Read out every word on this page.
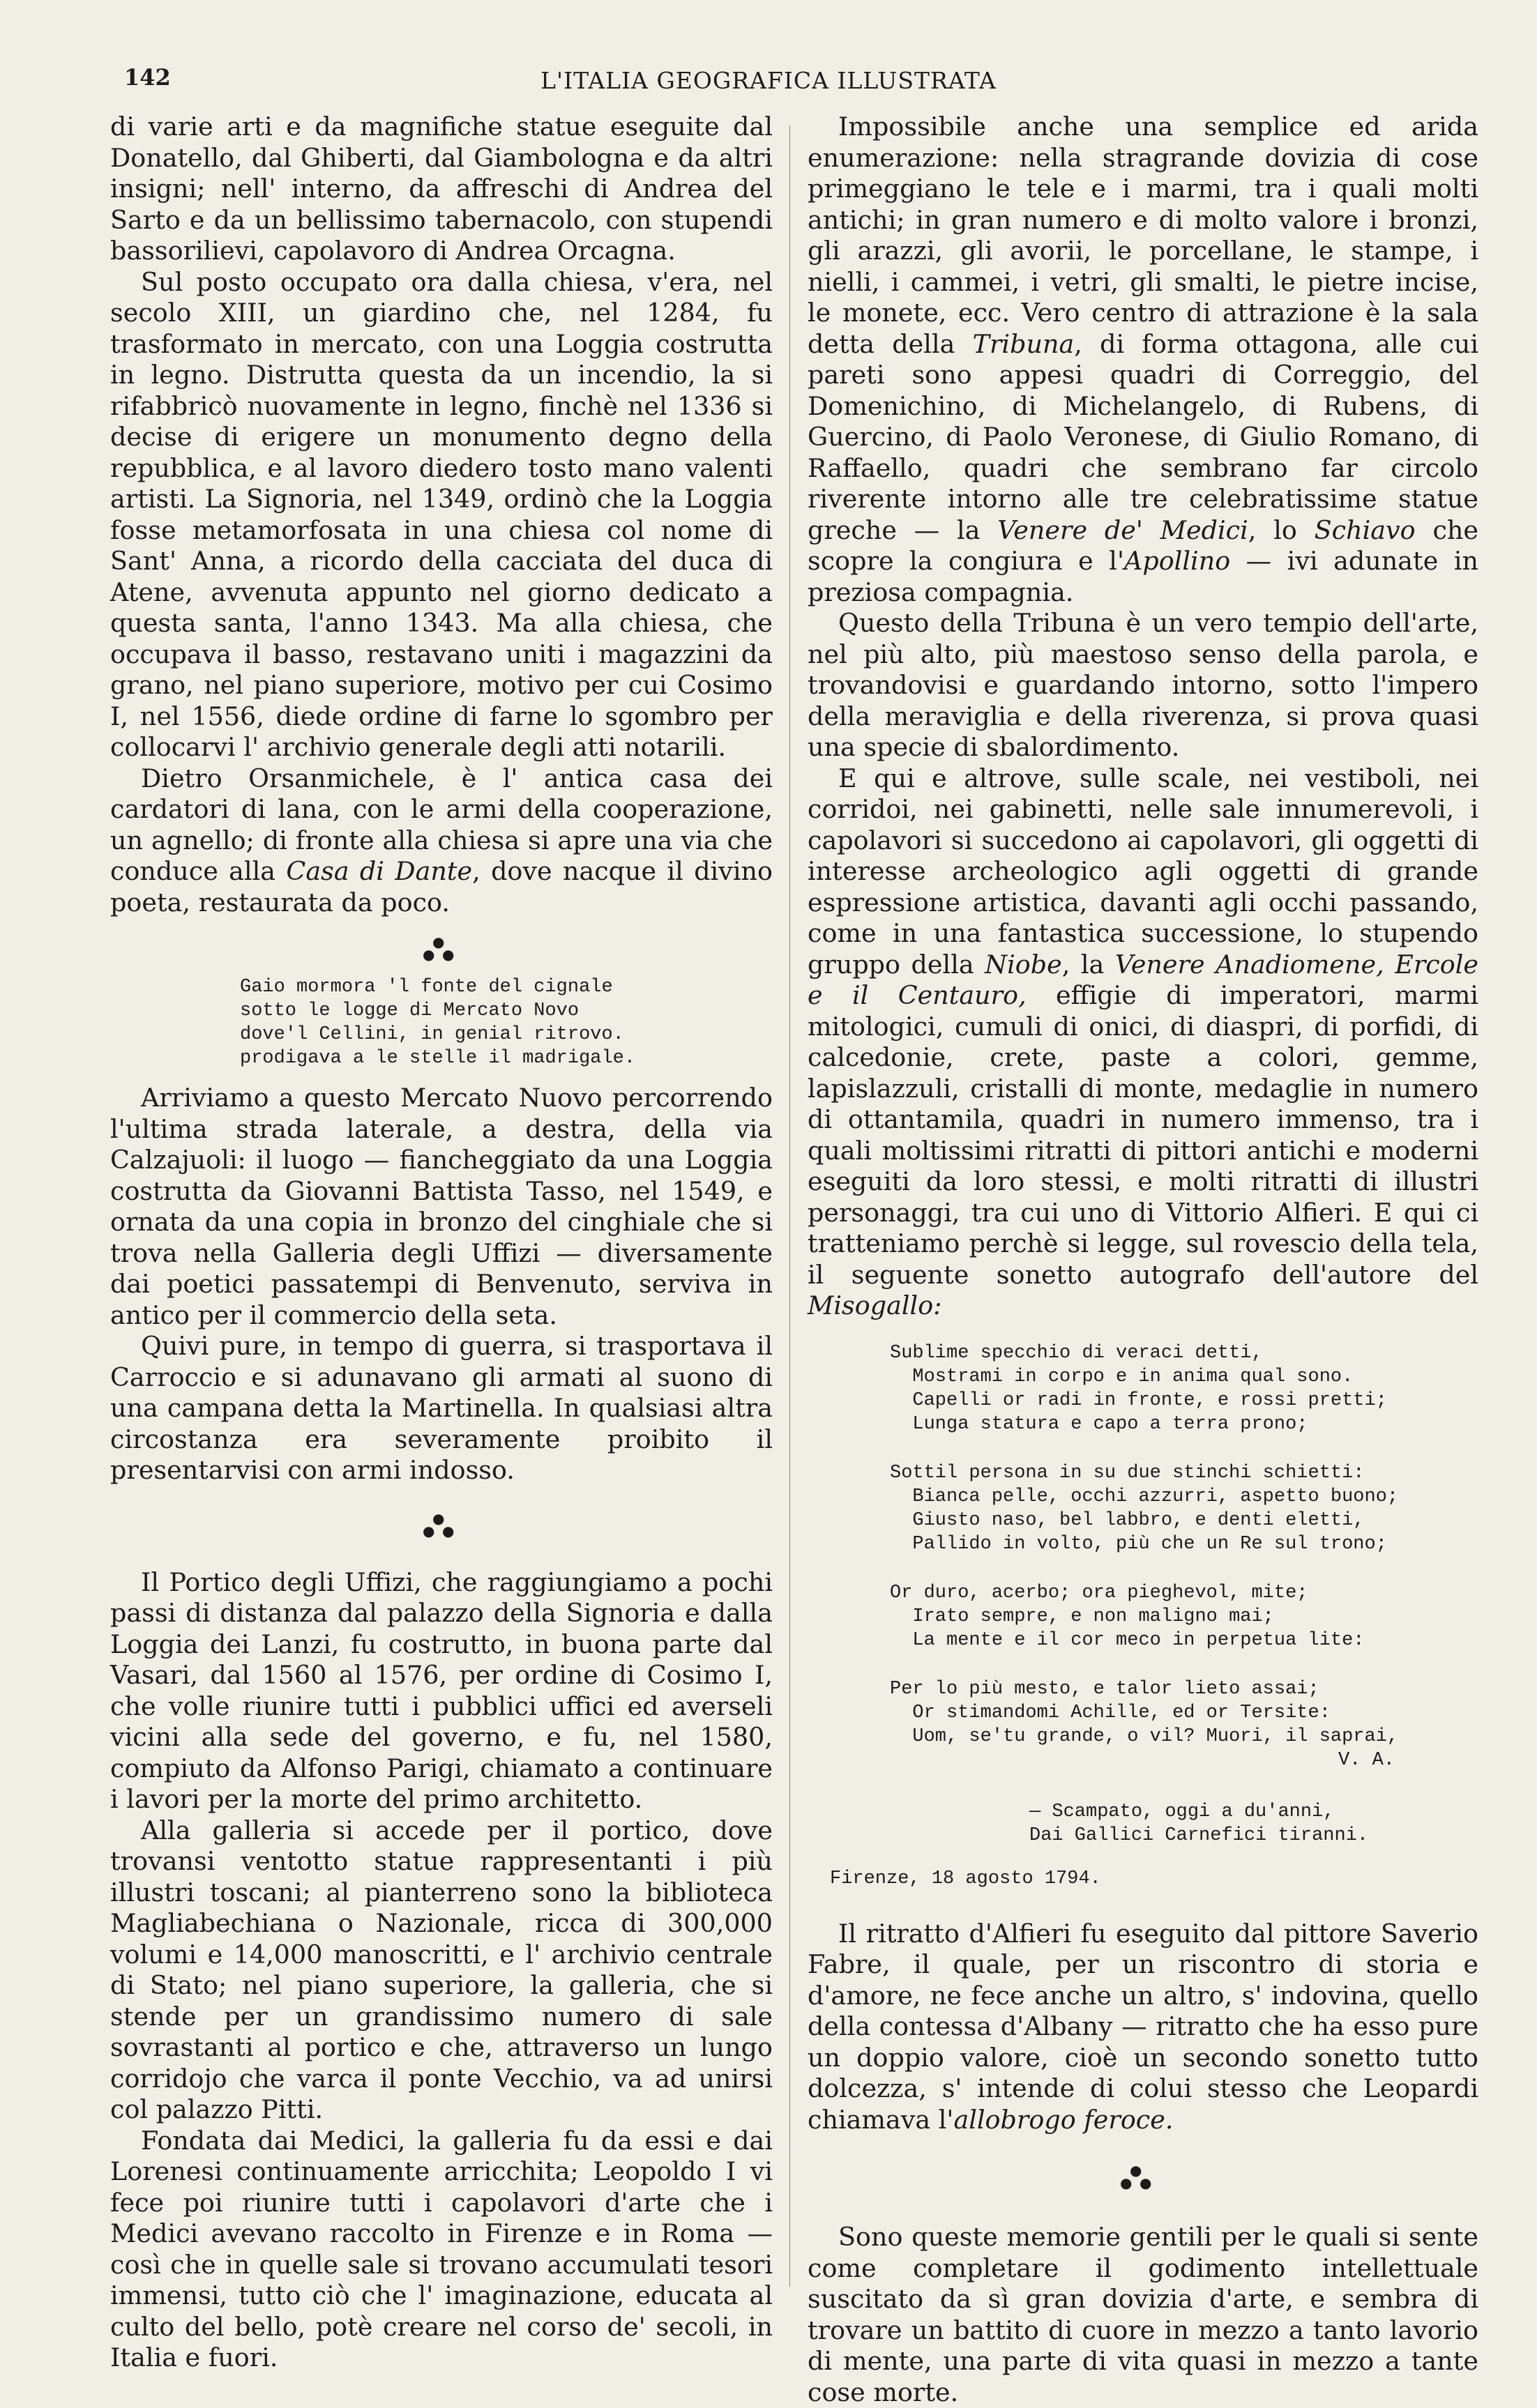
142	L'ITALIA GEOGRAFICA ILLUSTRATA

di varie arti e da magnifiche statue eseguite dal Donatello, dal Ghiberti, dal Giambologna e da altri insigni; nell' interno, da affreschi di Andrea del Sarto e da un bellissimo tabernacolo, con stupendi bassorilievi, capolavoro di Andrea Orcagna.

Sul posto occupato ora dalla chiesa, v'era, nel secolo XIII, un giardino che, nel 1284, fu trasformato in mercato, con una Loggia costrutta in legno. Distrutta questa da un incendio, la si rifabbricò nuovamente in legno, finchè nel 1336 si decise di erigere un monumento degno della repubblica, e al lavoro diedero tosto mano valenti artisti. La Signoria, nel 1349, ordinò che la Loggia fosse metamorfosata in una chiesa col nome di Sant' Anna, a ricordo della cacciata del duca di Atene, avvenuta appunto nel giorno dedicato a questa santa, l'anno 1343. Ma alla chiesa, che occupava il basso, restavano uniti i magazzini da grano, nel piano superiore, motivo per cui Cosimo I, nel 1556, diede ordine di farne lo sgombro per collocarvi l' archivio generale degli atti notarili.

Dietro Orsanmichele, è l' antica casa dei cardatori di lana, con le armi della cooperazione, un agnello; di fronte alla chiesa si apre una via che conduce alla Casa di Dante, dove nacque il divino poeta, restaurata da poco.

●
● ●
Gaio mormora 'l fonte del cignale
sotto le logge di Mercato Novo
dove'l Cellini, in genial ritrovo.
prodigava a le stelle il madrigale.

Arriviamo a questo Mercato Nuovo percorrendo l'ultima strada laterale, a destra, della via Calzajuoli: il luogo — fiancheggiato da una Loggia costrutta da Giovanni Battista Tasso, nel 1549, e ornata da una copia in bronzo del cinghiale che si trova nella Galleria degli Uffizi — diversamente dai poetici passatempi di Benvenuto, serviva in antico per il commercio della seta.

Quivi pure, in tempo di guerra, si trasportava il Carroccio e si adunavano gli armati al suono di una campana detta la Martinella. In qualsiasi altra circostanza era severamente proibito il presentarvisi con armi indosso.

●
● ●

Il Portico degli Uffizi, che raggiungiamo a pochi passi di distanza dal palazzo della Signoria e dalla Loggia dei Lanzi, fu costrutto, in buona parte dal Vasari, dal 1560 al 1576, per ordine di Cosimo I, che volle riunire tutti i pubblici uffici ed averseli vicini alla sede del governo, e fu, nel 1580, compiuto da Alfonso Parigi, chiamato a continuare i lavori per la morte del primo architetto.

Alla galleria si accede per il portico, dove trovansi ventotto statue rappresentanti i più illustri toscani; al pianterreno sono la biblioteca Magliabechiana o Nazionale, ricca di 300,000 volumi e 14,000 manoscritti, e l' archivio centrale di Stato; nel piano superiore, la galleria, che si stende per un grandissimo numero di sale sovrastanti al portico e che, attraverso un lungo corridojo che varca il ponte Vecchio, va ad unirsi col palazzo Pitti.

Fondata dai Medici, la galleria fu da essi e dai Lorenesi continuamente arricchita; Leopoldo I vi fece poi riunire tutti i capolavori d'arte che i Medici avevano raccolto in Firenze e in Roma — così che in quelle sale si trovano accumulati tesori immensi, tutto ciò che l' imaginazione, educata al culto del bello, potè creare nel corso de' secoli, in Italia e fuori.

Impossibile anche una semplice ed arida enumerazione: nella stragrande dovizia di cose primeggiano le tele e i marmi, tra i quali molti antichi; in gran numero e di molto valore i bronzi, gli arazzi, gli avorii, le porcellane, le stampe, i nielli, i cammei, i vetri, gli smalti, le pietre incise, le monete, ecc. Vero centro di attrazione è la sala detta della Tribuna, di forma ottagona, alle cui pareti sono appesi quadri di Correggio, del Domenichino, di Michelangelo, di Rubens, di Guercino, di Paolo Veronese, di Giulio Romano, di Raffaello, quadri che sembrano far circolo riverente intorno alle tre celebratissime statue greche — la Venere de' Medici, lo Schiavo che scopre la congiura e l'Apollino — ivi adunate in preziosa compagnia.

Questo della Tribuna è un vero tempio dell'arte, nel più alto, più maestoso senso della parola, e trovandovisi e guardando intorno, sotto l'impero della meraviglia e della riverenza, si prova quasi una specie di sbalordimento.

E qui e altrove, sulle scale, nei vestiboli, nei corridoi, nei gabinetti, nelle sale innumerevoli, i capolavori si succedono ai capolavori, gli oggetti di interesse archeologico agli oggetti di grande espressione artistica, davanti agli occhi passando, come in una fantastica successione, lo stupendo gruppo della Niobe, la Venere Anadiomene, Ercole e il Centauro, effigie di imperatori, marmi mitologici, cumuli di onici, di diaspri, di porfidi, di calcedonie, crete, paste a colori, gemme, lapislazzuli, cristalli di monte, medaglie in numero di ottantamila, quadri in numero immenso, tra i quali moltissimi ritratti di pittori antichi e moderni eseguiti da loro stessi, e molti ritratti di illustri personaggi, tra cui uno di Vittorio Alfieri. E qui ci tratteniamo perchè si legge, sul rovescio della tela, il seguente sonetto autografo dell'autore del Misogallo:

Sublime specchio di veraci detti,
Mostrami in corpo e in anima qual sono.
Capelli or radi in fronte, e rossi pretti;
Lunga statura e capo a terra prono;
Sottil persona in su due stinchi schietti:
Bianca pelle, occhi azzurri, aspetto buono;
Giusto naso, bel labbro, e denti eletti,
Pallido in volto, più che un Re sul trono;
Or duro, acerbo; ora pieghevol, mite;
Irato sempre, e non maligno mai;
La mente e il cor meco in perpetua lite:
Per lo più mesto, e talor lieto assai;
Or stimandomi Achille, ed or Tersite:
Uom, se'tu grande, o vil? Muori, il saprai,
V. A.
— Scampato, oggi a du'anni,
Dai Gallici Carnefici tiranni.
Firenze, 18 agosto 1794.

Il ritratto d'Alfieri fu eseguito dal pittore Saverio Fabre, il quale, per un riscontro di storia e d'amore, ne fece anche un altro, s' indovina, quello della contessa d'Albany — ritratto che ha esso pure un doppio valore, cioè un secondo sonetto tutto dolcezza, s' intende di colui stesso che Leopardi chiamava l'allobrogo feroce.

●
● ●

Sono queste memorie gentili per le quali si sente come completare il godimento intellettuale suscitato da sì gran dovizia d'arte, e sembra di trovare un battito di cuore in mezzo a tanto lavorio di mente, una parte di vita quasi in mezzo a tante cose morte.
